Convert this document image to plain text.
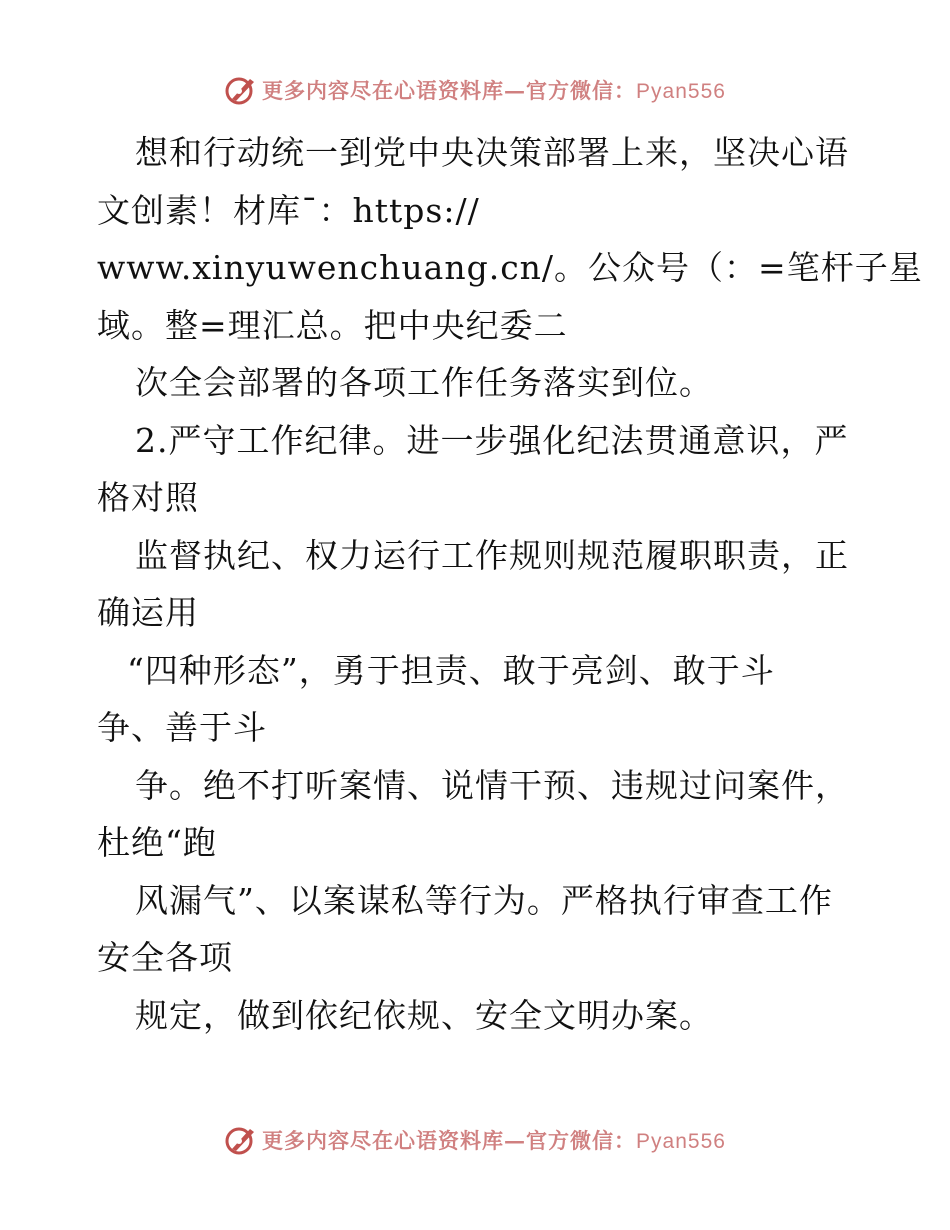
更多内容尽在心语资料库—官方微信：Pyan556
想和行动统一到党中央决策部署上来，坚决心语
文创素！材库¯：https://
www.xinyuwenchuang.cn/。公众号（：=笔杆子星
域。整=理汇总。把中央纪委二
次全会部署的各项工作任务落实到位。
2.严守工作纪律。进一步强化纪法贯通意识，严
格对照
监督执纪、权力运行工作规则规范履职职责，正
确运用
“四种形态”，勇于担责、敢于亮剑、敢于斗
争、善于斗
争。绝不打听案情、说情干预、违规过问案件，
杜绝“跑
风漏气”、以案谋私等行为。严格执行审查工作
安全各项
规定，做到依纪依规、安全文明办案。
更多内容尽在心语资料库—官方微信：Pyan556
